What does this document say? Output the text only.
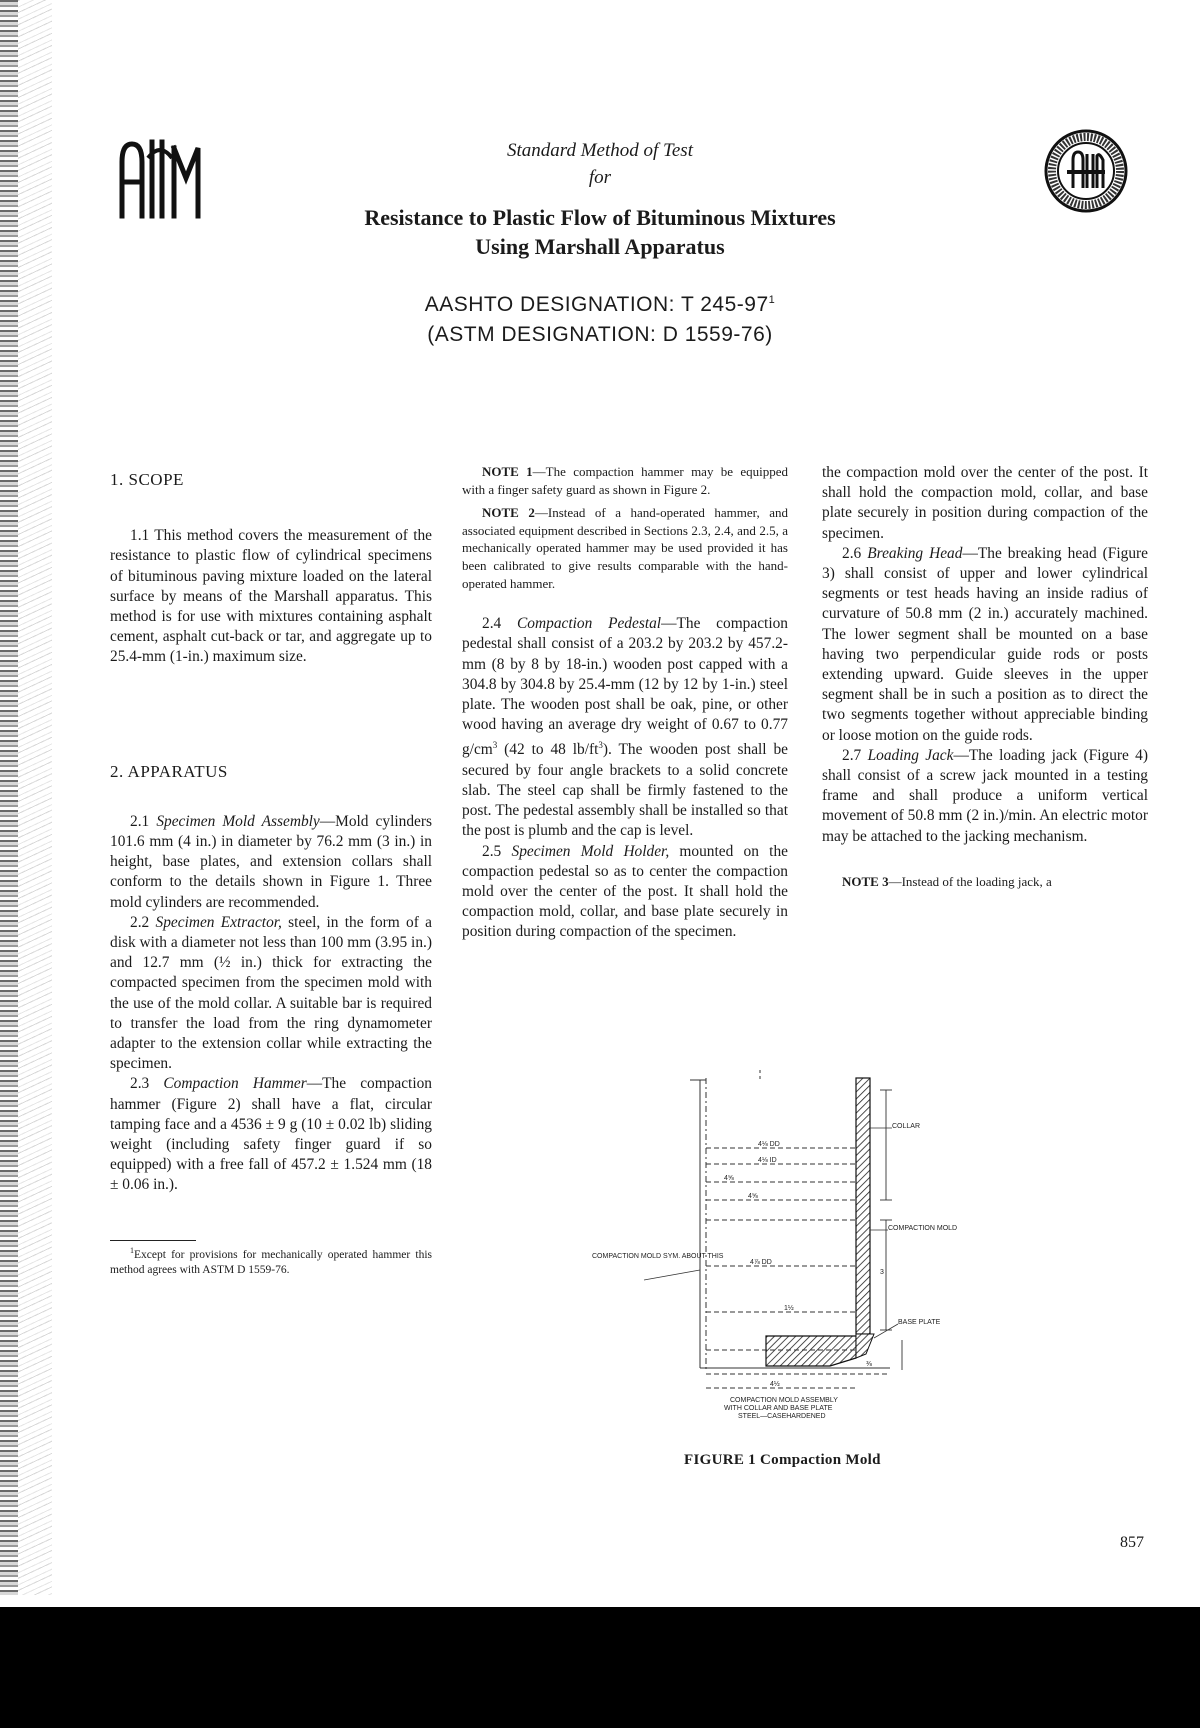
Standard Method of Test
for
Resistance to Plastic Flow of Bituminous Mixtures
Using Marshall Apparatus
AASHTO DESIGNATION: T $245-97^1$
(ASTM DESIGNATION: D 1559-76)

1. SCOPE

1.1 This method covers the measurement of the resistance to plastic flow of cylindrical specimens of bituminous paving mixture loaded on the lateral surface by means of the Marshall apparatus. This method is for use with mixtures containing asphalt cement, asphalt cut-back or tar, and aggregate up to 25.4-mm (1-in.) maximum size.

2. APPARATUS

2.1 Specimen Mold Assembly—Mold cylinders 101.6 mm (4 in.) in diameter by 76.2 mm (3 in.) in height, base plates, and extension collars shall conform to the details shown in Figure 1. Three mold cylinders are recommended.

2.2 Specimen Extractor, steel, in the form of a disk with a diameter not less than 100 mm (3.95 in.) and 12.7 mm (½ in.) thick for extracting the compacted specimen from the specimen mold with the use of the mold collar. A suitable bar is required to transfer the load from the ring dynamometer adapter to the extension collar while extracting the specimen.

2.3 Compaction Hammer—The compaction hammer (Figure 2) shall have a flat, circular tamping face and a 4536 ± 9 g (10 ± 0.02 lb) sliding weight (including safety finger guard if so equipped) with a free fall of 457.2 ± 1.524 mm (18 ± 0.06 in.).

$^1$Except for provisions for mechanically operated hammer this method agrees with ASTM D 1559-76.

NOTE 1—The compaction hammer may be equipped with a finger safety guard as shown in Figure 2.

NOTE 2—Instead of a hand-operated hammer, and associated equipment described in Sections 2.3, 2.4, and 2.5, a mechanically operated hammer may be used provided it has been calibrated to give results comparable with the hand-operated hammer.

2.4 Compaction Pedestal—The compaction pedestal shall consist of a 203.2 by 203.2 by 457.2-mm (8 by 8 by 18-in.) wooden post capped with a 304.8 by 304.8 by 25.4-mm (12 by 12 by 1-in.) steel plate. The wooden post shall be oak, pine, or other wood having an average dry weight of 0.67 to 0.77 $g/cm^3$ (42 to 48 $lb/ft^3$). The wooden post shall be secured by four angle brackets to a solid concrete slab. The steel cap shall be firmly fastened to the post. The pedestal assembly shall be installed so that the post is plumb and the cap is level.

2.5 Specimen Mold Holder, mounted on the compaction pedestal so as to center the compaction mold over the center of the post. It shall hold the compaction mold, collar, and base plate securely in position during compaction of the specimen.

the compaction mold over the center of the post. It shall hold the compaction mold, collar, and base plate securely in position during compaction of the specimen.

2.6 Breaking Head—The breaking head (Figure 3) shall consist of upper and lower cylindrical segments or test heads having an inside radius of curvature of 50.8 mm (2 in.) accurately machined. The lower segment shall be mounted on a base having two perpendicular guide rods or posts extending upward. Guide sleeves in the upper segment shall be in such a position as to direct the two segments together without appreciable binding or loose motion on the guide rods.

2.7 Loading Jack—The loading jack (Figure 4) shall consist of a screw jack mounted in a testing frame and shall produce a uniform vertical movement of 50.8 mm (2 in.)/min. An electric motor may be attached to the jacking mechanism.

NOTE 3—Instead of the loading jack, a

COLLAR
COMPACTION MOLD
BASE PLATE
COMPACTION MOLD SYM. ABOUT THIS
4⅛ DD
4⅛ ID
4⅝
4⅝
4⅞ DD
3
4½
1½
⅜
COMPACTION MOLD ASSEMBLY
WITH COLLAR AND BASE PLATE
STEEL—CASEHARDENED
FIGURE 1 Compaction Mold
857
